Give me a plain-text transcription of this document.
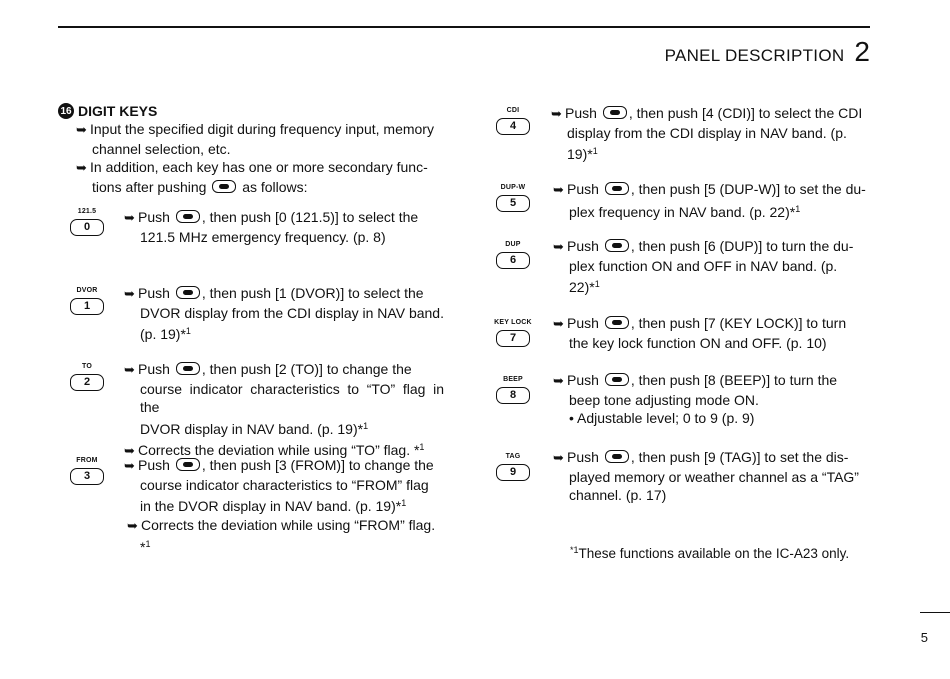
PANEL DESCRIPTION 2
16 DIGIT KEYS
➥ Input the specified digit during frequency input, memory
channel selection, etc.
➥ In addition, each key has one or more secondary func-
tions after pushing	as follows:
121.5
0
DVOR
1
TO
2
FROM
3
➥ Push , then push [0 (121.5)] to select the
121.5 MHz emergency frequency. (p. 8)
➥ Push , then push [1 (DVOR)] to select the
DVOR display from the CDI display in NAV band.
(p. 19)*$^1$
➥ Push , then push [2 (TO)] to change the
course indicator characteristics to “TO” flag in the
DVOR display in NAV band. (p. 19)*$^1$
➥ Corrects the deviation while using “TO” flag. *$^1$
➥ Push , then push [3 (FROM)] to change the
course indicator characteristics to “FROM” flag
in the DVOR display in NAV band. (p. 19)*$^1$
➥ Corrects the deviation while using “FROM” flag.
*$^1$
CDI
4
DUP-W
5
DUP
6
KEY LOCK
7
BEEP
8
TAG
9
➥ Push , then push [4 (CDI)] to select the CDI
display from the CDI display in NAV band. (p.
19)*$^1$
➥ Push , then push [5 (DUP-W)] to set the du-
plex frequency in NAV band. (p. 22)*$^1$
➥ Push , then push [6 (DUP)] to turn the du-
plex function ON and OFF in NAV band. (p.
22)*$^1$
➥ Push , then push [7 (KEY LOCK)] to turn
the key lock function ON and OFF. (p. 10)
➥ Push , then push [8 (BEEP)] to turn the
beep tone adjusting mode ON.
• Adjustable level; 0 to 9 (p. 9)
➥ Push , then push [9 (TAG)] to set the dis-
played memory or weather channel as a “TAG”
channel. (p. 17)
$^{*1}$These functions available on the IC-A23 only.
5
